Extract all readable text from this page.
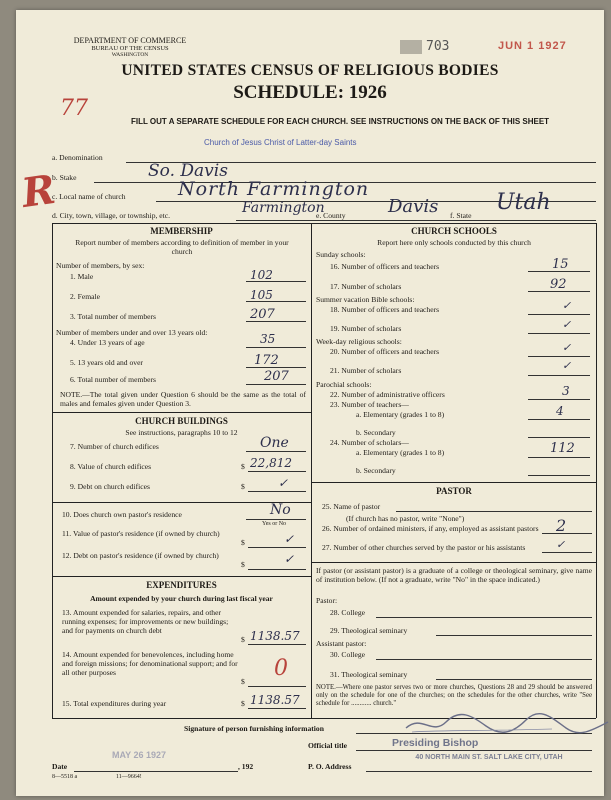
DEPARTMENT OF COMMERCE
BUREAU OF THE CENSUS
WASHINGTON
703	JUN 1 1927
UNITED STATES CENSUS OF RELIGIOUS BODIES
SCHEDULE: 1926
77
FILL OUT A SEPARATE SCHEDULE FOR EACH CHURCH. SEE INSTRUCTIONS ON THE BACK OF THIS SHEET
R
a. Denomination
Church of Jesus Christ of Latter-day Saints
b. Stake	So. Davis
c. Local name of church	North Farmington
d. City, town, village, or township, etc.	Farmington
e. County Davis f. State
Utah
MEMBERSHIP
Report number of members according to definition of member in your church
Number of members, by sex:
1. Male	102
2. Female	105
3. Total number of members	207
Number of members under and over 13 years old:
4. Under 13 years of age	35
5. 13 years old and over	172
6. Total number of members	207
NOTE.—The total given under Question 6 should be the same as the total of males and females given under Question 3.
CHURCH BUILDINGS
See instructions, paragraphs 10 to 12
7. Number of church edifices	One
8. Value of church edifices	$ 22,812
9. Debt on church edifices	$	✓
10. Does church own pastor's residence	No
Yes or No
11. Value of pastor's residence (if owned by church)
$	✓
12. Debt on pastor's residence (if owned by church)
$	✓
EXPENDITURES
Amount expended by your church during last fiscal year
13. Amount expended for salaries, repairs, and other running expenses; for improvements or new buildings; and for payments on church debt
$ 1138.57
14. Amount expended for benevolences, including home and foreign missions; for denominational support; and for all other purposes
$
0
15. Total expenditures during year	$ 1138.57
CHURCH SCHOOLS
Report here only schools conducted by this church
Sunday schools:
16. Number of officers and teachers	15
17. Number of scholars	92
Summer vacation Bible schools:
18. Number of officers and teachers	✓
19. Number of scholars	✓
Week-day religious schools:
20. Number of officers and teachers	✓
21. Number of scholars	✓
Parochial schools:
22. Number of administrative officers	3
23. Number of teachers—
a. Elementary (grades 1 to 8)	4
b. Secondary
24. Number of scholars—
a. Elementary (grades 1 to 8)	112
b. Secondary
PASTOR
25. Name of pastor
(If church has no pastor, write "None")
26. Number of ordained ministers, if any, employed as assistant pastors 2
27. Number of other churches served by the pastor or his assistants	✓
If pastor (or assistant pastor) is a graduate of a college or theological seminary, give name of institution below. (If not a graduate, write "No" in the space indicated.)
Pastor:
28. College
29. Theological seminary
Assistant pastor:
30. College
31. Theological seminary
NOTE.—Where one pastor serves two or more churches, Questions 28 and 29 should be answered only on the schedule for one of the churches; on the schedules for the other churches, write "See schedule for ............ church."
Signature of person furnishing information
Official title	Presiding Bishop
Date
MAY 26 1927
, 192	P. O. Address
40 NORTH MAIN ST. SALT LAKE CITY, UTAH
8—5518 a	11—9664!
